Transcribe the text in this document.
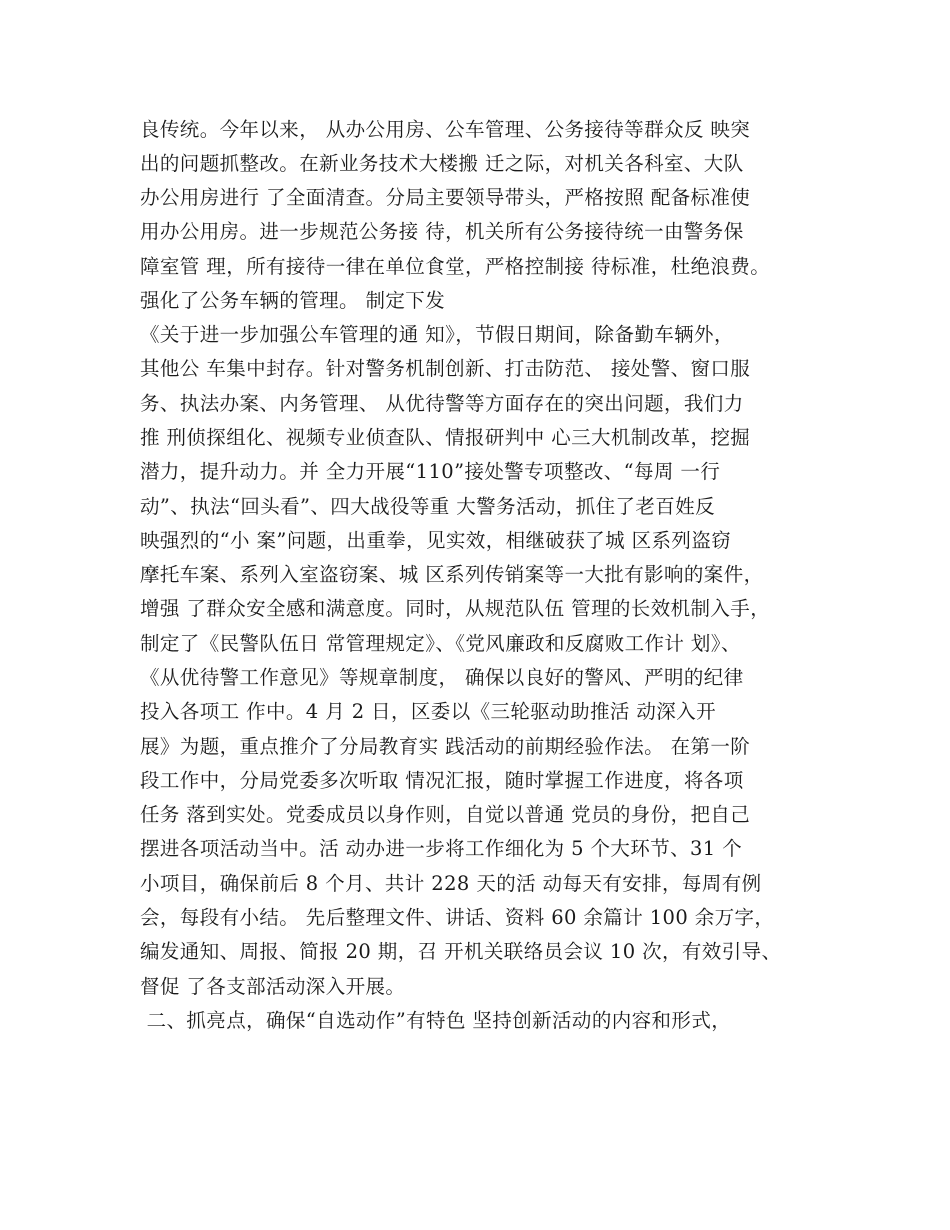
良传统。今年以来， 从办公用房、公车管理、公务接待等群众反 映突

出的问题抓整改。在新业务技术大楼搬 迁之际，对机关各科室、大队

办公用房进行 了全面清查。分局主要领导带头，严格按照 配备标准使

用办公用房。进一步规范公务接 待，机关所有公务接待统一由警务保

障室管 理，所有接待一律在单位食堂，严格控制接 待标准，杜绝浪费。

强化了公务车辆的管理。 制定下发

《关于进一步加强公车管理的通 知》，节假日期间，除备勤车辆外，

其他公 车集中封存。针对警务机制创新、打击防范、 接处警、窗口服

务、执法办案、内务管理、 从优待警等方面存在的突出问题，我们力

推 刑侦探组化、视频专业侦查队、情报研判中 心三大机制改革，挖掘

潜力，提升动力。并 全力开展“110”接处警专项整改、“每周 一行

动”、执法“回头看”、四大战役等重 大警务活动，抓住了老百姓反

映强烈的“小 案”问题，出重拳，见实效，相继破获了城 区系列盗窃

摩托车案、系列入室盗窃案、城 区系列传销案等一大批有影响的案件，

增强 了群众安全感和满意度。同时，从规范队伍 管理的长效机制入手，

制定了《民警队伍日 常管理规定》、《党风廉政和反腐败工作计 划》、

《从优待警工作意见》等规章制度， 确保以良好的警风、严明的纪律

投入各项工 作中。4 月 2 日，区委以《三轮驱动助推活 动深入开

展》为题，重点推介了分局教育实 践活动的前期经验作法。 在第一阶

段工作中，分局党委多次听取 情况汇报，随时掌握工作进度，将各项

任务 落到实处。党委成员以身作则，自觉以普通 党员的身份，把自己

摆进各项活动当中。活 动办进一步将工作细化为 5 个大环节、31 个

小项目，确保前后 8 个月、共计 228 天的活 动每天有安排，每周有例

会，每段有小结。 先后整理文件、讲话、资料 60 余篇计 100 余万字，

编发通知、周报、简报 20 期，召 开机关联络员会议 10 次，有效引导、

督促 了各支部活动深入开展。

二、抓亮点，确保“自选动作”有特色 坚持创新活动的内容和形式，
